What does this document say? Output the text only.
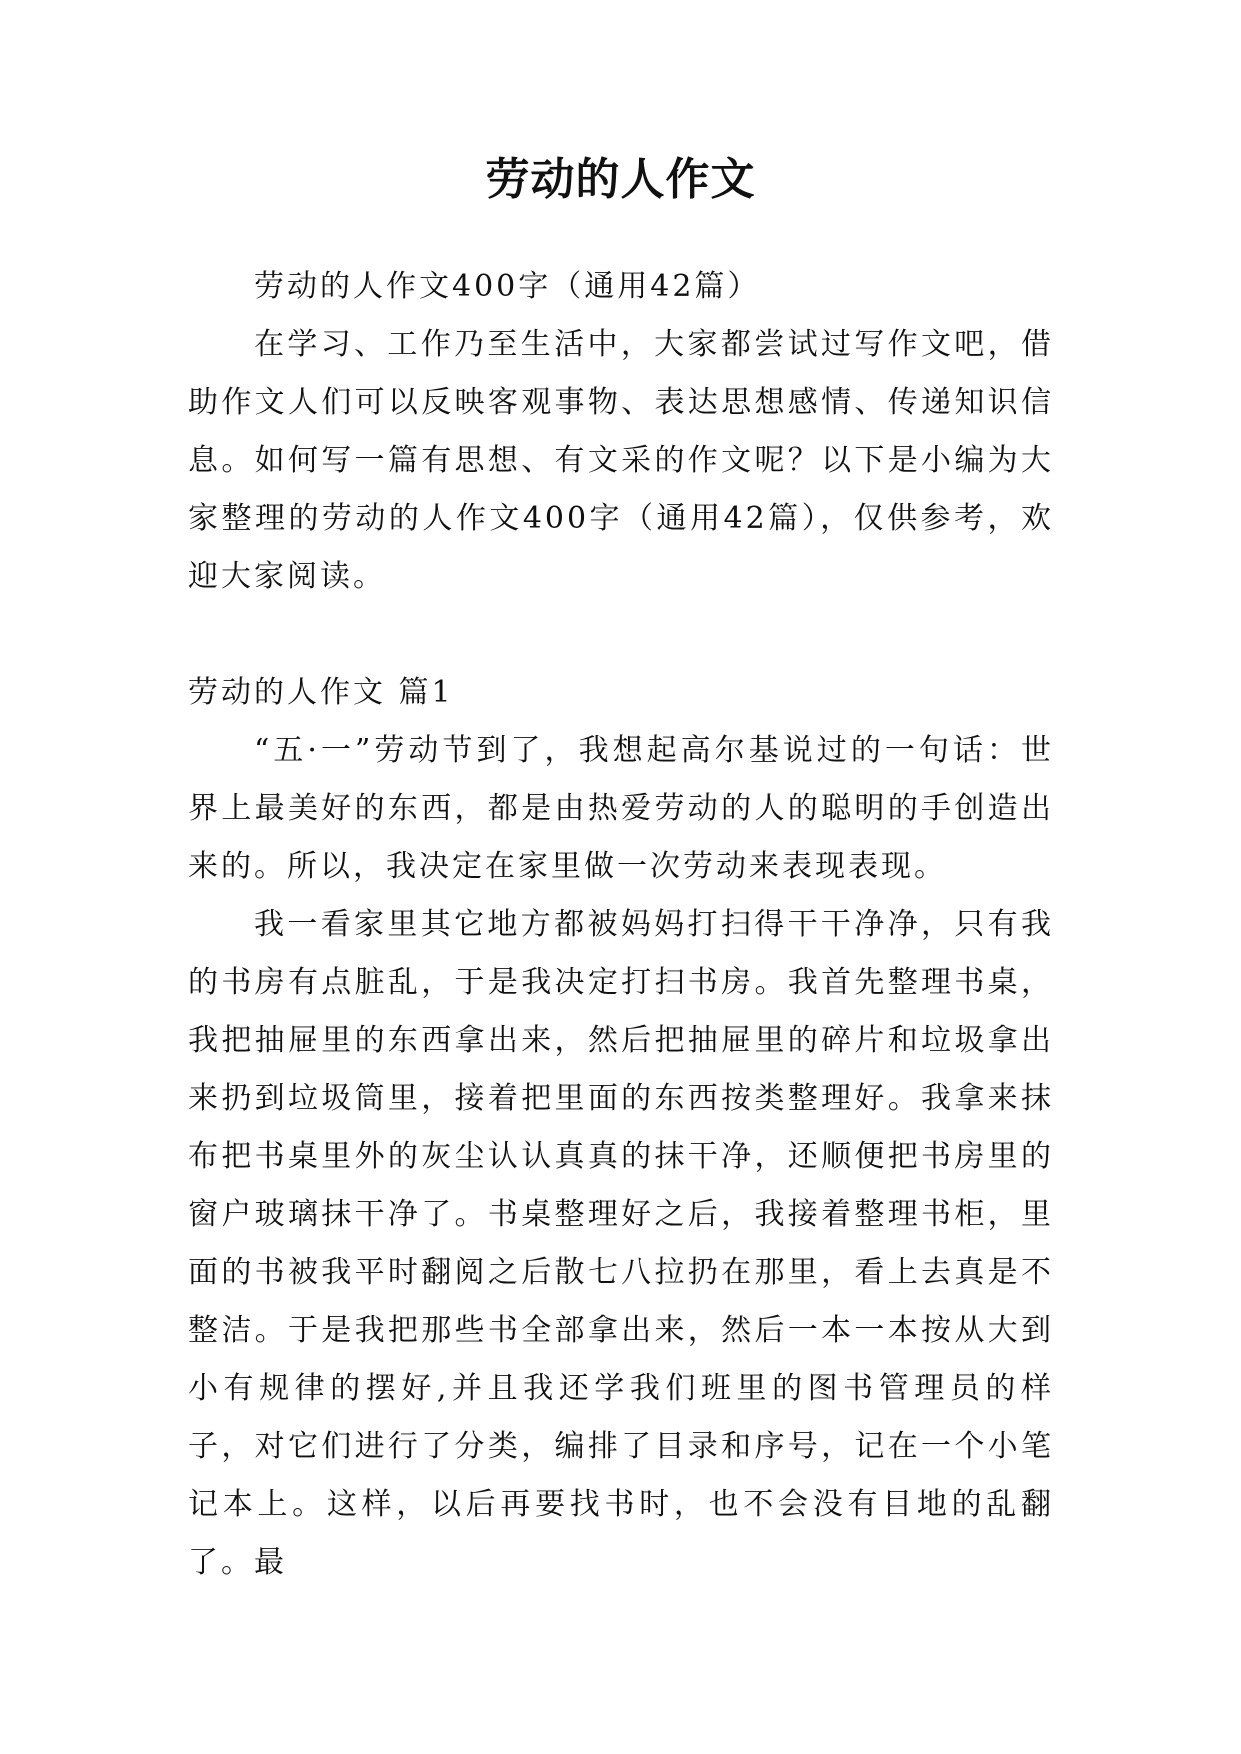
劳动的人作文

劳动的人作文400字（通用42篇）

在学习、工作乃至生活中，大家都尝试过写作文吧，借助作文人们可以反映客观事物、表达思想感情、传递知识信息。如何写一篇有思想、有文采的作文呢？以下是小编为大家整理的劳动的人作文400字（通用42篇），仅供参考，欢迎大家阅读。

劳动的人作文 篇1

“五·一”劳动节到了，我想起高尔基说过的一句话：世界上最美好的东西，都是由热爱劳动的人的聪明的手创造出来的。所以，我决定在家里做一次劳动来表现表现。

我一看家里其它地方都被妈妈打扫得干干净净，只有我的书房有点脏乱，于是我决定打扫书房。我首先整理书桌，我把抽屉里的东西拿出来，然后把抽屉里的碎片和垃圾拿出来扔到垃圾筒里，接着把里面的东西按类整理好。我拿来抹布把书桌里外的灰尘认认真真的抹干净，还顺便把书房里的窗户玻璃抹干净了。书桌整理好之后，我接着整理书柜，里面的书被我平时翻阅之后散七八拉扔在那里，看上去真是不整洁。于是我把那些书全部拿出来，然后一本一本按从大到小有规律的摆好,并且我还学我们班里的图书管理员的样子，对它们进行了分类，编排了目录和序号，记在一个小笔记本上。这样，以后再要找书时，也不会没有目地的乱翻了。最
